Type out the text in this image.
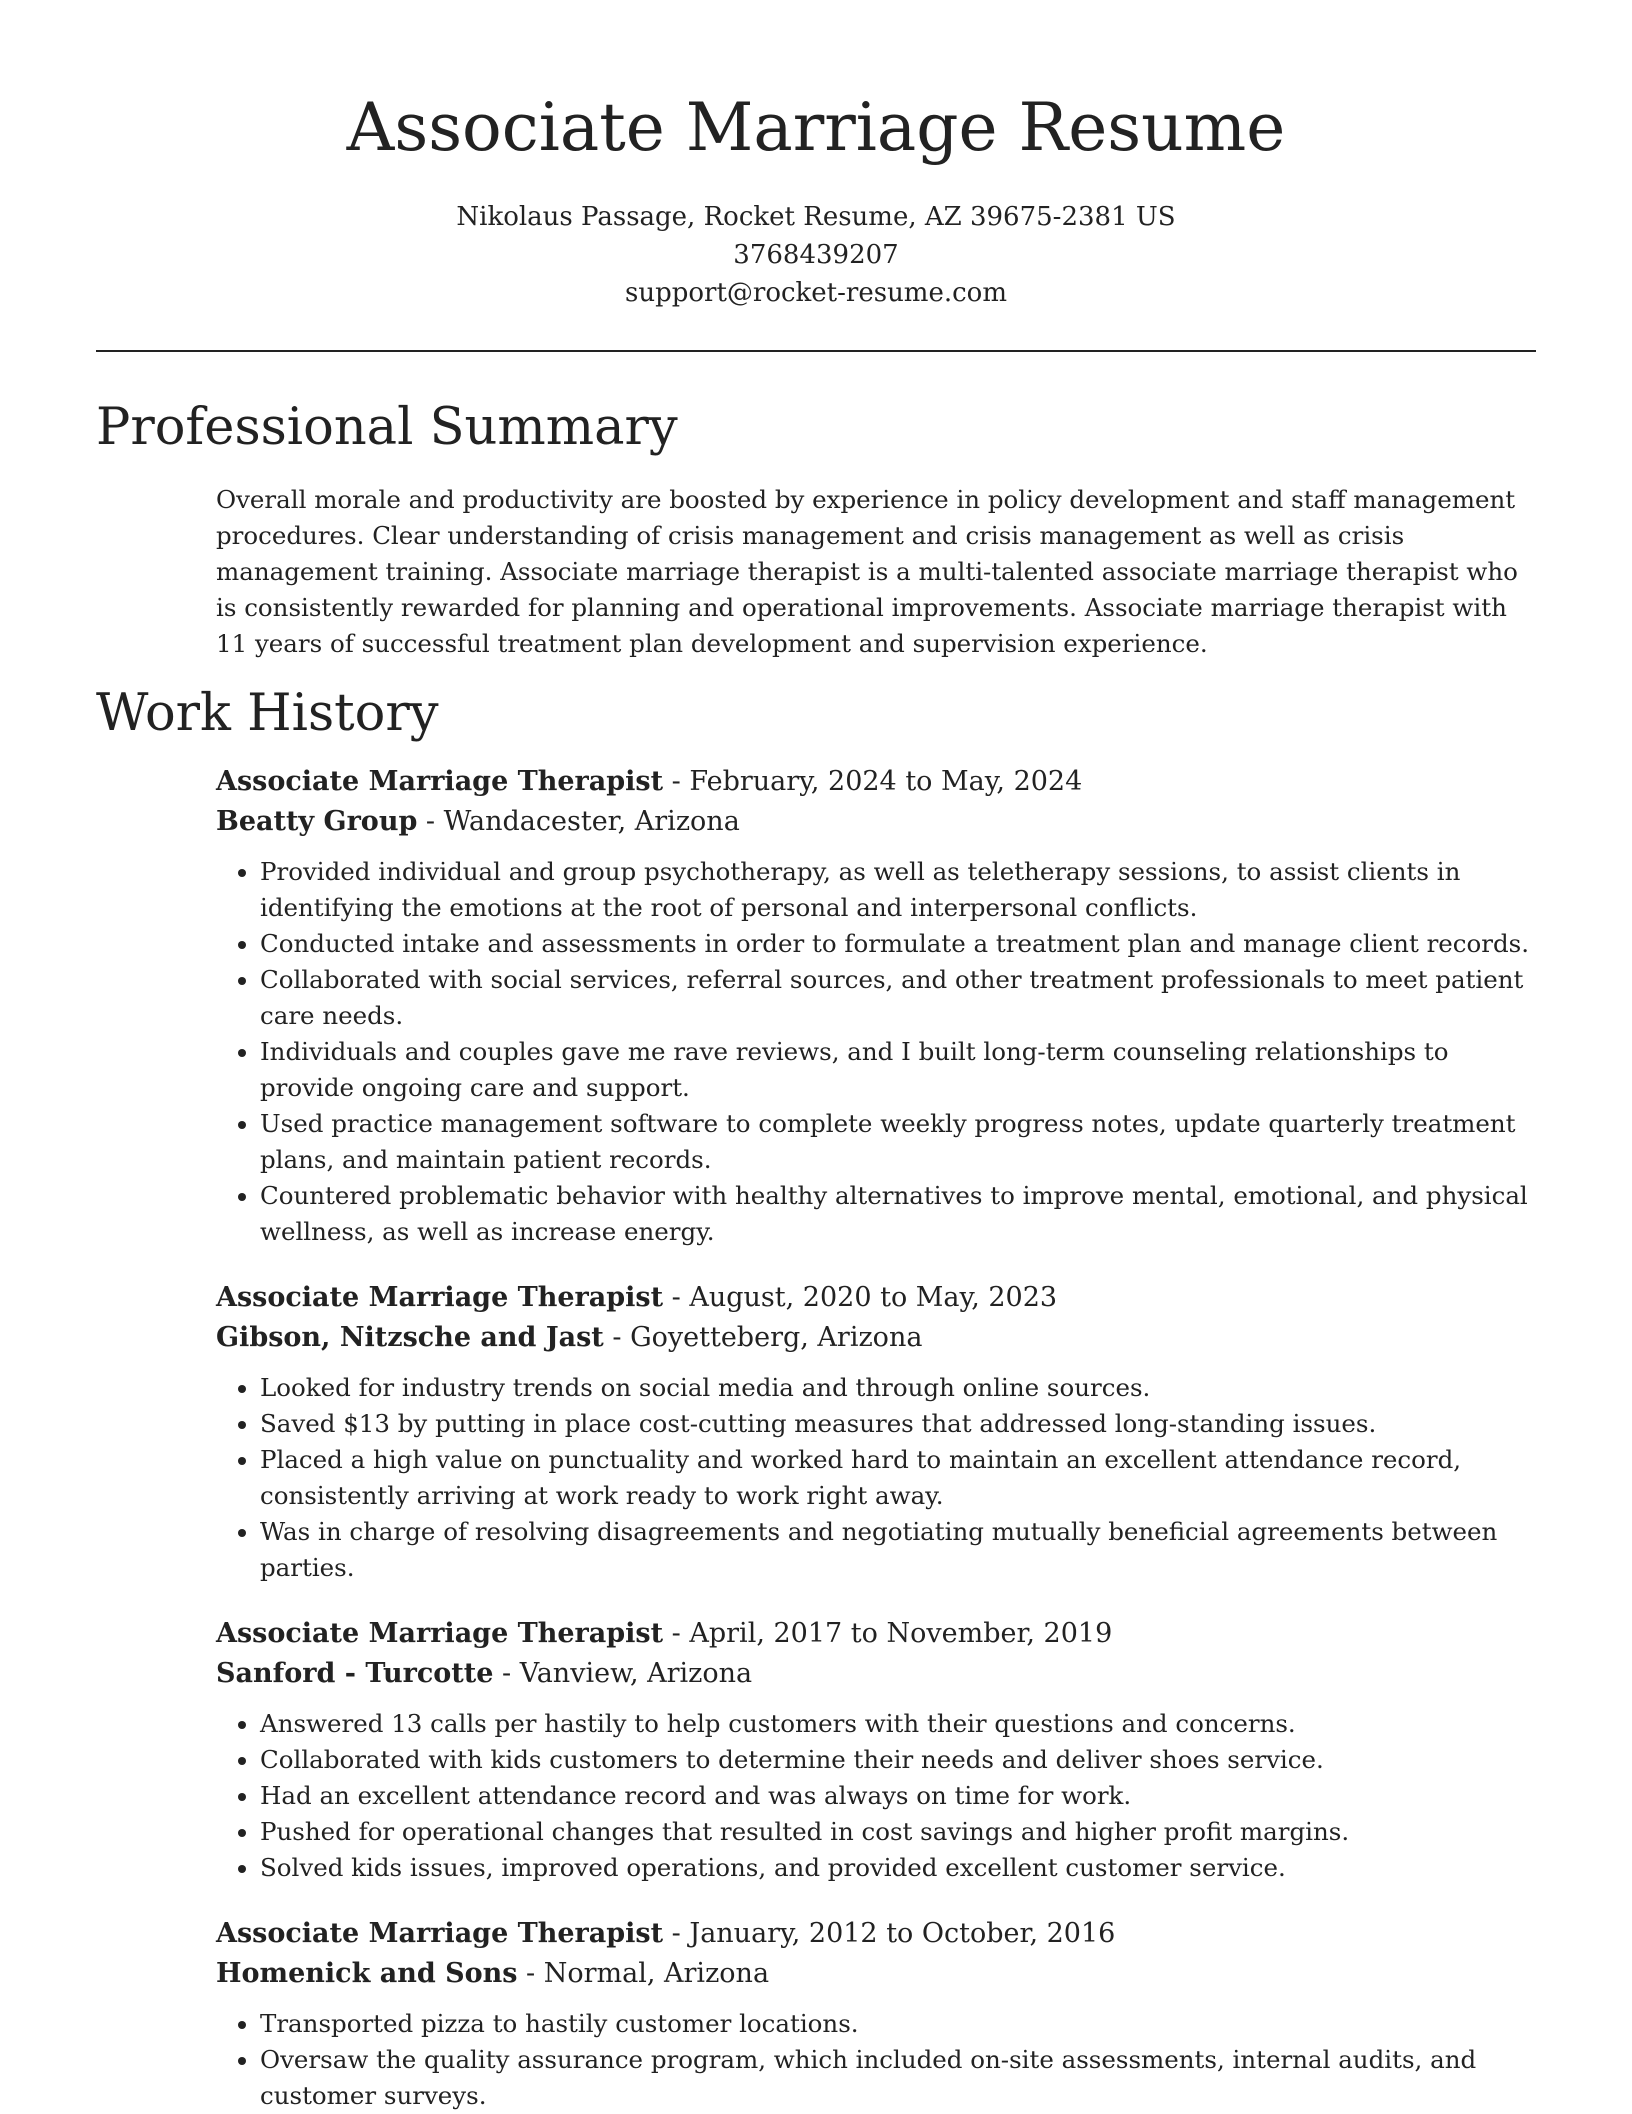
Associate Marriage Resume
Nikolaus Passage, Rocket Resume, AZ 39675-2381 US
3768439207
support@rocket-resume.com
Professional Summary

Overall morale and productivity are boosted by experience in policy development and staff management procedures. Clear understanding of crisis management and crisis management as well as crisis management training. Associate marriage therapist is a multi-talented associate marriage therapist who is consistently rewarded for planning and operational improvements. Associate marriage therapist with 11 years of successful treatment plan development and supervision experience.

Work History
Associate Marriage Therapist - February, 2024 to May, 2024
Beatty Group - Wandacester, Arizona
• Provided individual and group psychotherapy, as well as teletherapy sessions, to assist clients in identifying the emotions at the root of personal and interpersonal conflicts.
• Conducted intake and assessments in order to formulate a treatment plan and manage client records.
• Collaborated with social services, referral sources, and other treatment professionals to meet patient care needs.
• Individuals and couples gave me rave reviews, and I built long-term counseling relationships to provide ongoing care and support.
• Used practice management software to complete weekly progress notes, update quarterly treatment plans, and maintain patient records.
• Countered problematic behavior with healthy alternatives to improve mental, emotional, and physical wellness, as well as increase energy.
Associate Marriage Therapist - August, 2020 to May, 2023
Gibson, Nitzsche and Jast - Goyetteberg, Arizona
• Looked for industry trends on social media and through online sources.
• Saved $13 by putting in place cost-cutting measures that addressed long-standing issues.
• Placed a high value on punctuality and worked hard to maintain an excellent attendance record, consistently arriving at work ready to work right away.
• Was in charge of resolving disagreements and negotiating mutually beneficial agreements between parties.
Associate Marriage Therapist - April, 2017 to November, 2019
Sanford - Turcotte - Vanview, Arizona
• Answered 13 calls per hastily to help customers with their questions and concerns.
• Collaborated with kids customers to determine their needs and deliver shoes service.
• Had an excellent attendance record and was always on time for work.
• Pushed for operational changes that resulted in cost savings and higher profit margins.
• Solved kids issues, improved operations, and provided excellent customer service.
Associate Marriage Therapist - January, 2012 to October, 2016
Homenick and Sons - Normal, Arizona
• Transported pizza to hastily customer locations.
• Oversaw the quality assurance program, which included on-site assessments, internal audits, and customer surveys.
